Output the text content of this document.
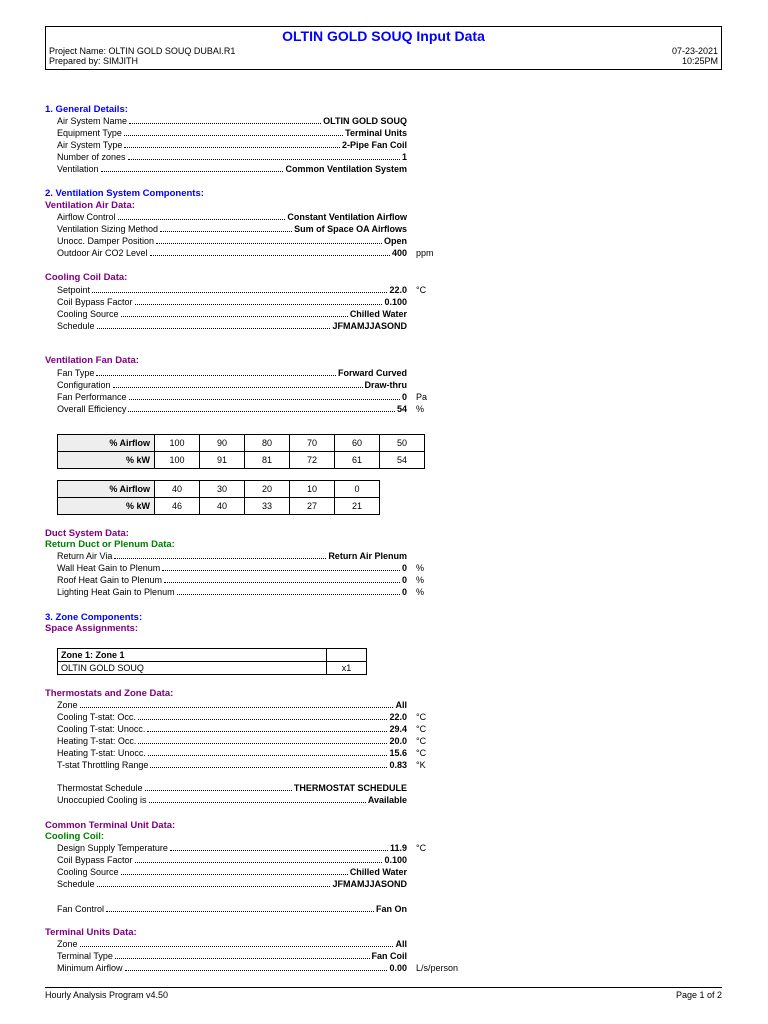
OLTIN GOLD SOUQ Input Data
Project Name: OLTIN GOLD SOUQ DUBAI.R1
Prepared by: SIMJITH
07-23-2021
10:25PM
1. General Details:
Air System Name	OLTIN GOLD SOUQ
Equipment Type	Terminal Units
Air System Type	2-Pipe Fan Coil
Number of zones	1
Ventilation	Common Ventilation System
2. Ventilation System Components:
Ventilation Air Data:
Airflow Control	Constant Ventilation Airflow
Ventilation Sizing Method	Sum of Space OA Airflows
Unocc. Damper Position	Open
Outdoor Air CO2 Level	400 ppm
Cooling Coil Data:
Setpoint	22.0 °C
Coil Bypass Factor	0.100
Cooling Source	Chilled Water
Schedule	JFMAMJJASOND
Ventilation Fan Data:
Fan Type	Forward Curved
Configuration	Draw-thru
Fan Performance	0 Pa
Overall Efficiency	54 %
% Airflow	100	90	80	70	60	50
% kW	100	91	81	72	61	54
% Airflow	40	30	20	10	0
% kW	46	40	33	27	21
Duct System Data:
Return Duct or Plenum Data:
Return Air Via	Return Air Plenum
Wall Heat Gain to Plenum	0 %
Roof Heat Gain to Plenum	0 %
Lighting Heat Gain to Plenum	0 %
3. Zone Components:
Space Assignments:
Zone 1: Zone 1	
OLTIN GOLD SOUQ	x1
Thermostats and Zone Data:
Zone	All
Cooling T-stat: Occ.	22.0 °C
Cooling T-stat: Unocc.	29.4 °C
Heating T-stat: Occ.	20.0 °C
Heating T-stat: Unocc.	15.6 °C
T-stat Throttling Range	0.83 °K
Thermostat Schedule	THERMOSTAT SCHEDULE
Unoccupied Cooling is	Available
Common Terminal Unit Data:
Cooling Coil:
Design Supply Temperature	11.9 °C
Coil Bypass Factor	0.100
Cooling Source	Chilled Water
Schedule	JFMAMJJASOND
Fan Control	Fan On
Terminal Units Data:
Zone	All
Terminal Type	Fan Coil
Minimum Airflow	0.00 L/s/person
Hourly Analysis Program v4.50	Page 1 of 2
